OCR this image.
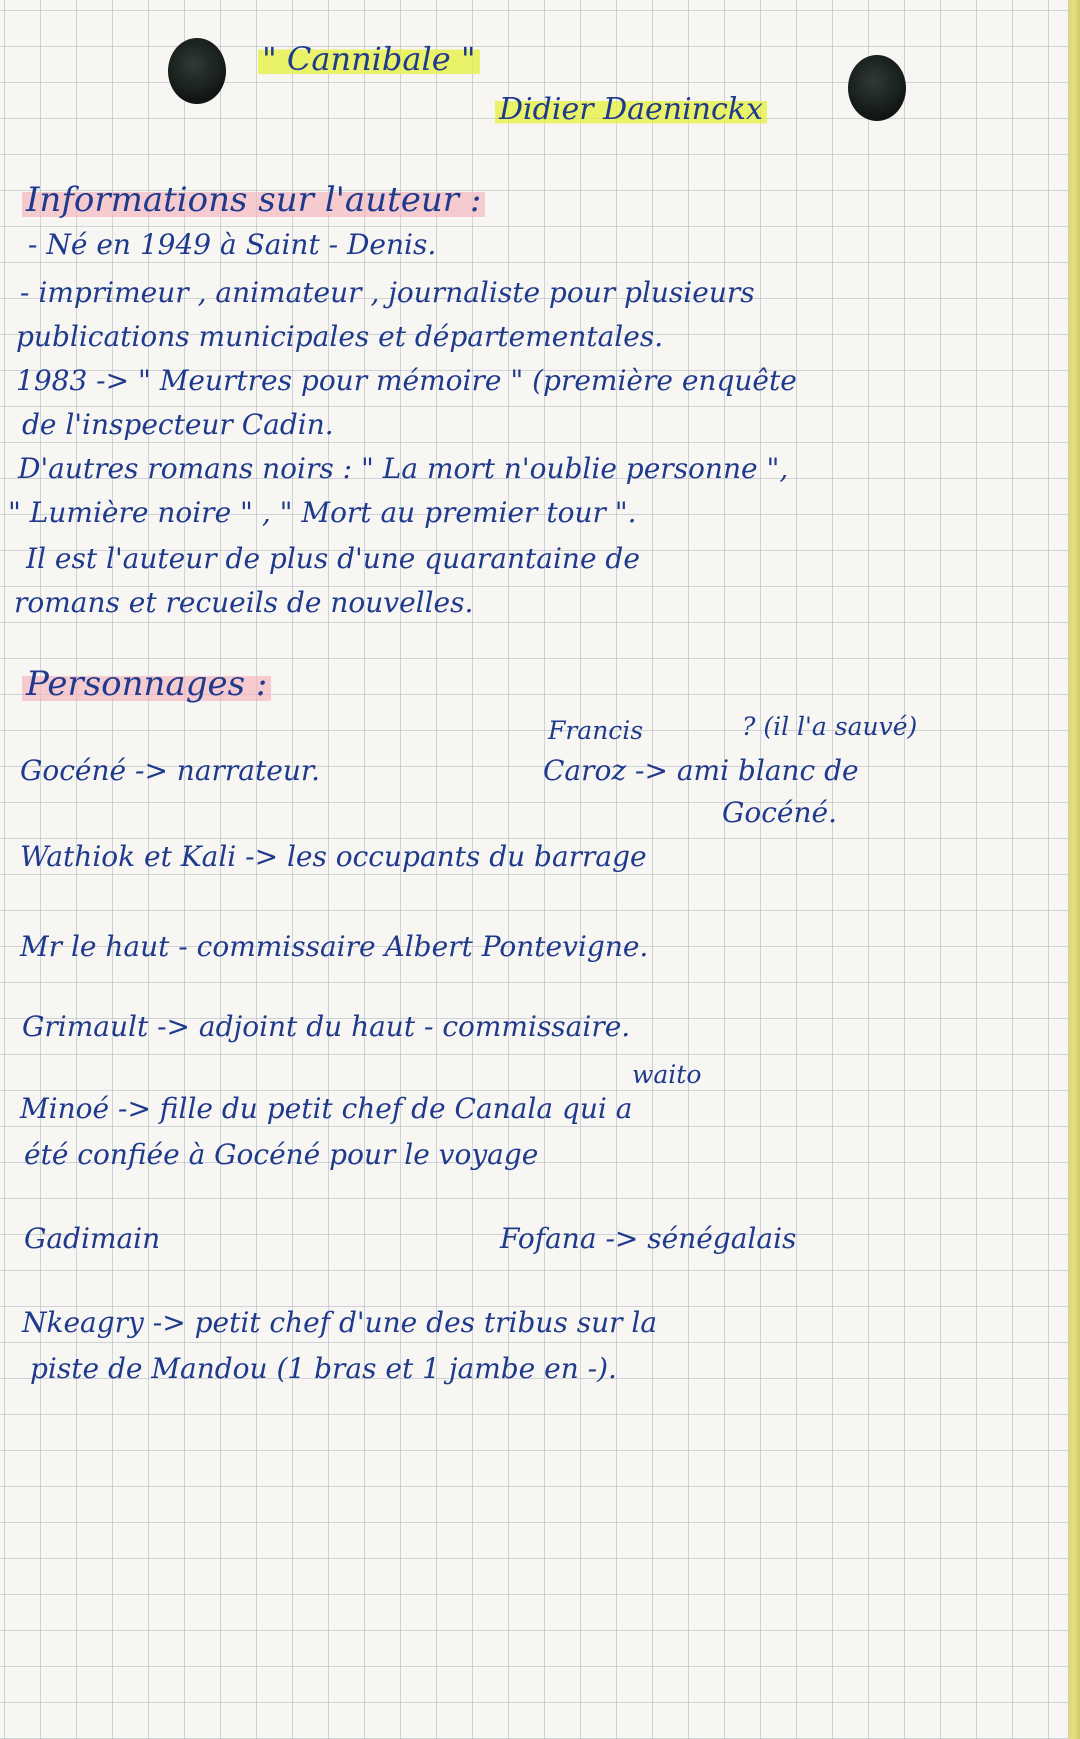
" Cannibale "
Didier Daeninckx
Informations sur l'auteur :
- Né en 1949 à Saint - Denis.
- imprimeur , animateur , journaliste pour plusieurs
publications municipales et départementales.
1983 -> " Meurtres pour mémoire " (première enquête
de l'inspecteur Cadin.
D'autres romans noirs : " La mort n'oublie personne ",
" Lumière noire " , " Mort au premier tour ".
Il est l'auteur de plus d'une quarantaine de
romans et recueils de nouvelles.
Personnages :
Francis	? (il l'a sauvé)
Gocéné -> narrateur.	Caroz -> ami blanc de
Gocéné.
Wathiok et Kali -> les occupants du barrage
Mr le haut - commissaire Albert Pontevigne.
Grimault -> adjoint du haut - commissaire.
waito
Minoé -> fille du petit chef de Canala qui a
été confiée à Gocéné pour le voyage
Gadimain	Fofana -> sénégalais
Nkeagry -> petit chef d'une des tribus sur la
piste de Mandou (1 bras et 1 jambe en -).
